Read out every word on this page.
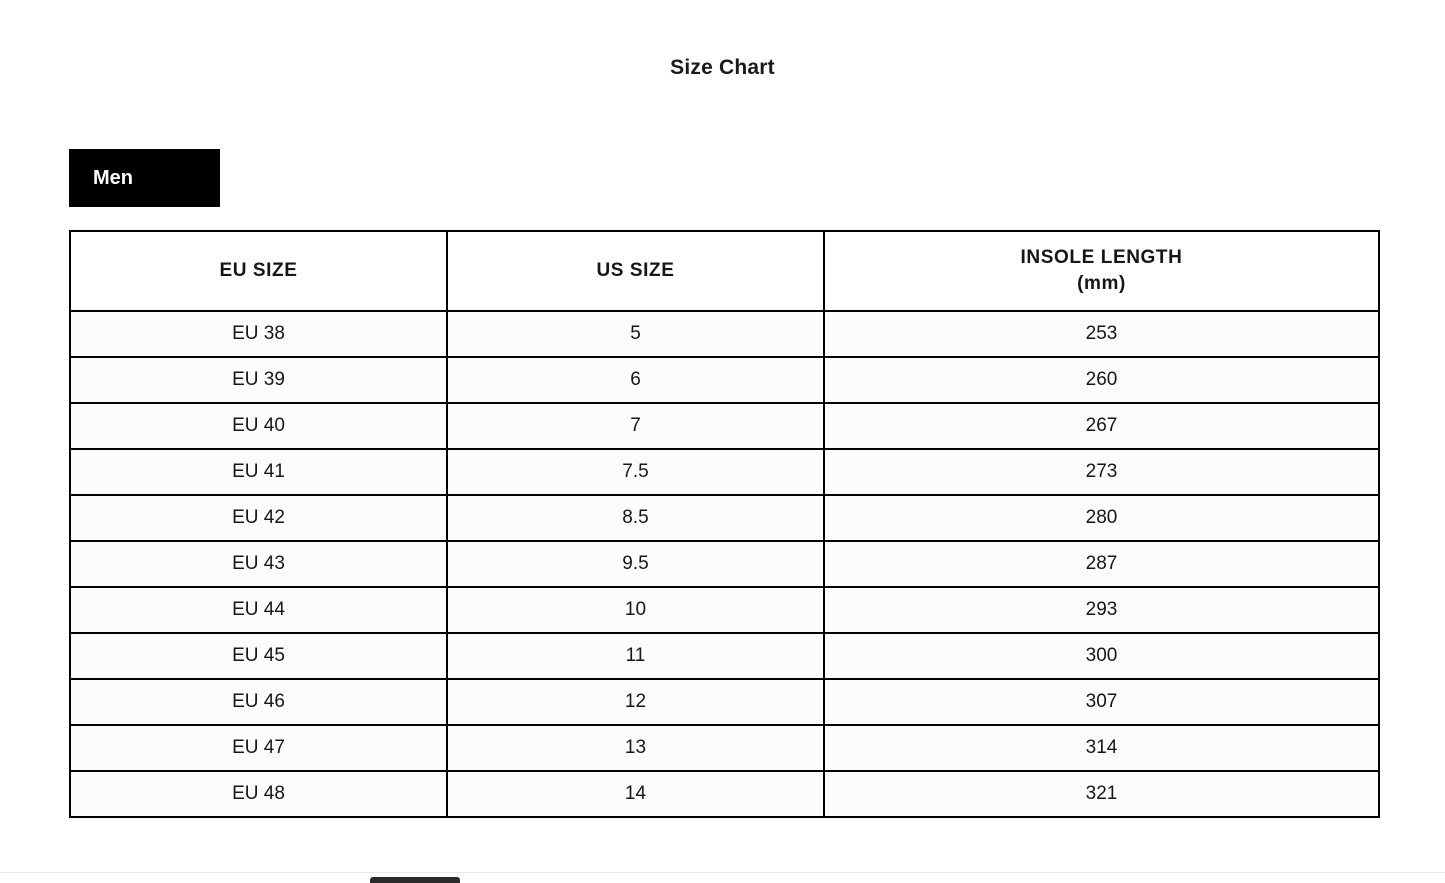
Size Chart
Men
EU SIZE	US SIZE	INSOLE LENGTH
(mm)

EU 38	5	253
EU 39	6	260
EU 40	7	267
EU 41	7.5	273
EU 42	8.5	280
EU 43	9.5	287
EU 44	10	293
EU 45	11	300
EU 46	12	307
EU 47	13	314
EU 48	14	321
